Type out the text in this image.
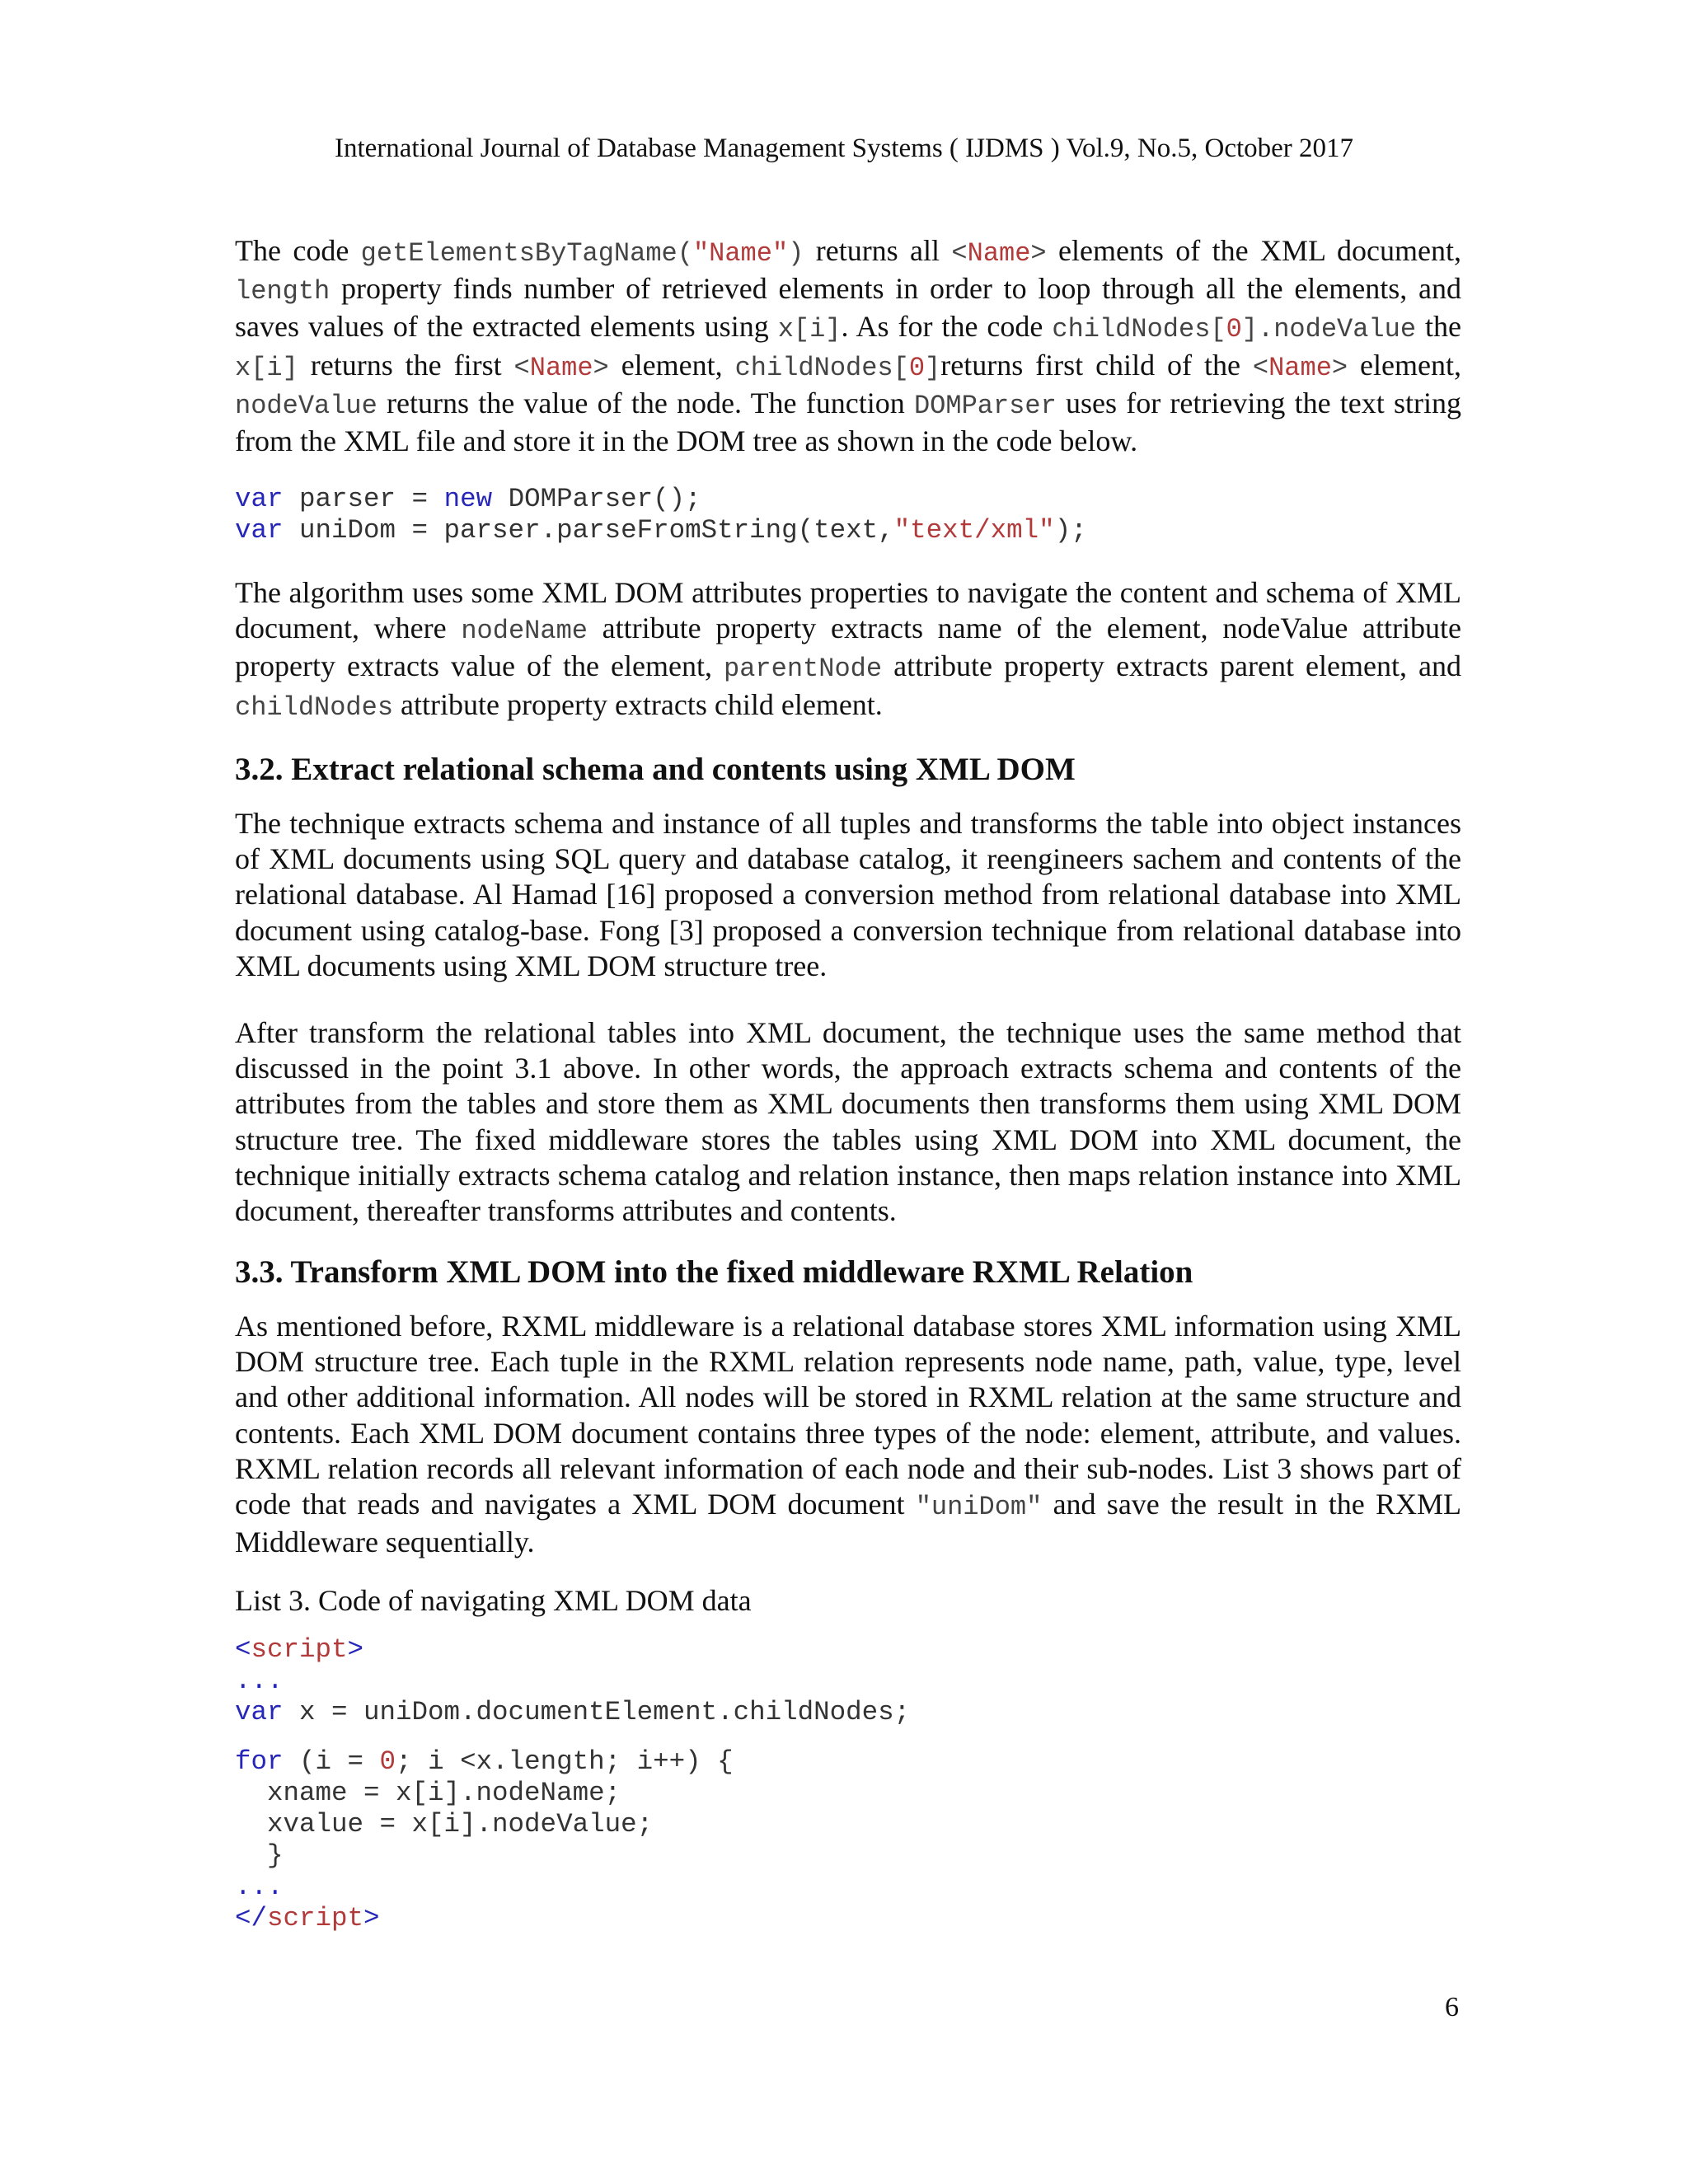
International Journal of Database Management Systems ( IJDMS ) Vol.9, No.5, October 2017

The code getElementsByTagName("Name") returns all <Name> elements of the XML document, length property finds number of retrieved elements in order to loop through all the elements, and saves values of the extracted elements using x[i]. As for the code childNodes[0].nodeValue the x[i] returns the first <Name> element, childNodes[0]returns first child of the <Name> element, nodeValue returns the value of the node. The function DOMParser uses for retrieving the text string from the XML file and store it in the DOM tree as shown in the code below.

var parser = new DOMParser();
var uniDom = parser.parseFromString(text,"text/xml");

The algorithm uses some XML DOM attributes properties to navigate the content and schema of XML document, where nodeName attribute property extracts name of the element, nodeValue attribute property extracts value of the element, parentNode attribute property extracts parent element, and childNodes attribute property extracts child element.

3.2. Extract relational schema and contents using XML DOM

The technique extracts schema and instance of all tuples and transforms the table into object instances of XML documents using SQL query and database catalog, it reengineers sachem and contents of the relational database. Al Hamad [16] proposed a conversion method from relational database into XML document using catalog-base. Fong [3] proposed a conversion technique from relational database into XML documents using XML DOM structure tree.

After transform the relational tables into XML document, the technique uses the same method that discussed in the point 3.1 above. In other words, the approach extracts schema and contents of the attributes from the tables and store them as XML documents then transforms them using XML DOM structure tree. The fixed middleware stores the tables using XML DOM into XML document, the technique initially extracts schema catalog and relation instance, then maps relation instance into XML document, thereafter transforms attributes and contents.

3.3. Transform XML DOM into the fixed middleware RXML Relation

As mentioned before, RXML middleware is a relational database stores XML information using XML DOM structure tree. Each tuple in the RXML relation represents node name, path, value, type, level and other additional information. All nodes will be stored in RXML relation at the same structure and contents. Each XML DOM document contains three types of the node: element, attribute, and values. RXML relation records all relevant information of each node and their sub-nodes. List 3 shows part of code that reads and navigates a XML DOM document "uniDom" and save the result in the RXML Middleware sequentially.

List 3. Code of navigating XML DOM data

<script>
...
var x = uniDom.documentElement.childNodes;

for (i = 0; i <x.length; i++) {
xname = x[i].nodeName;
xvalue = x[i].nodeValue;
}
...
</script>
6
